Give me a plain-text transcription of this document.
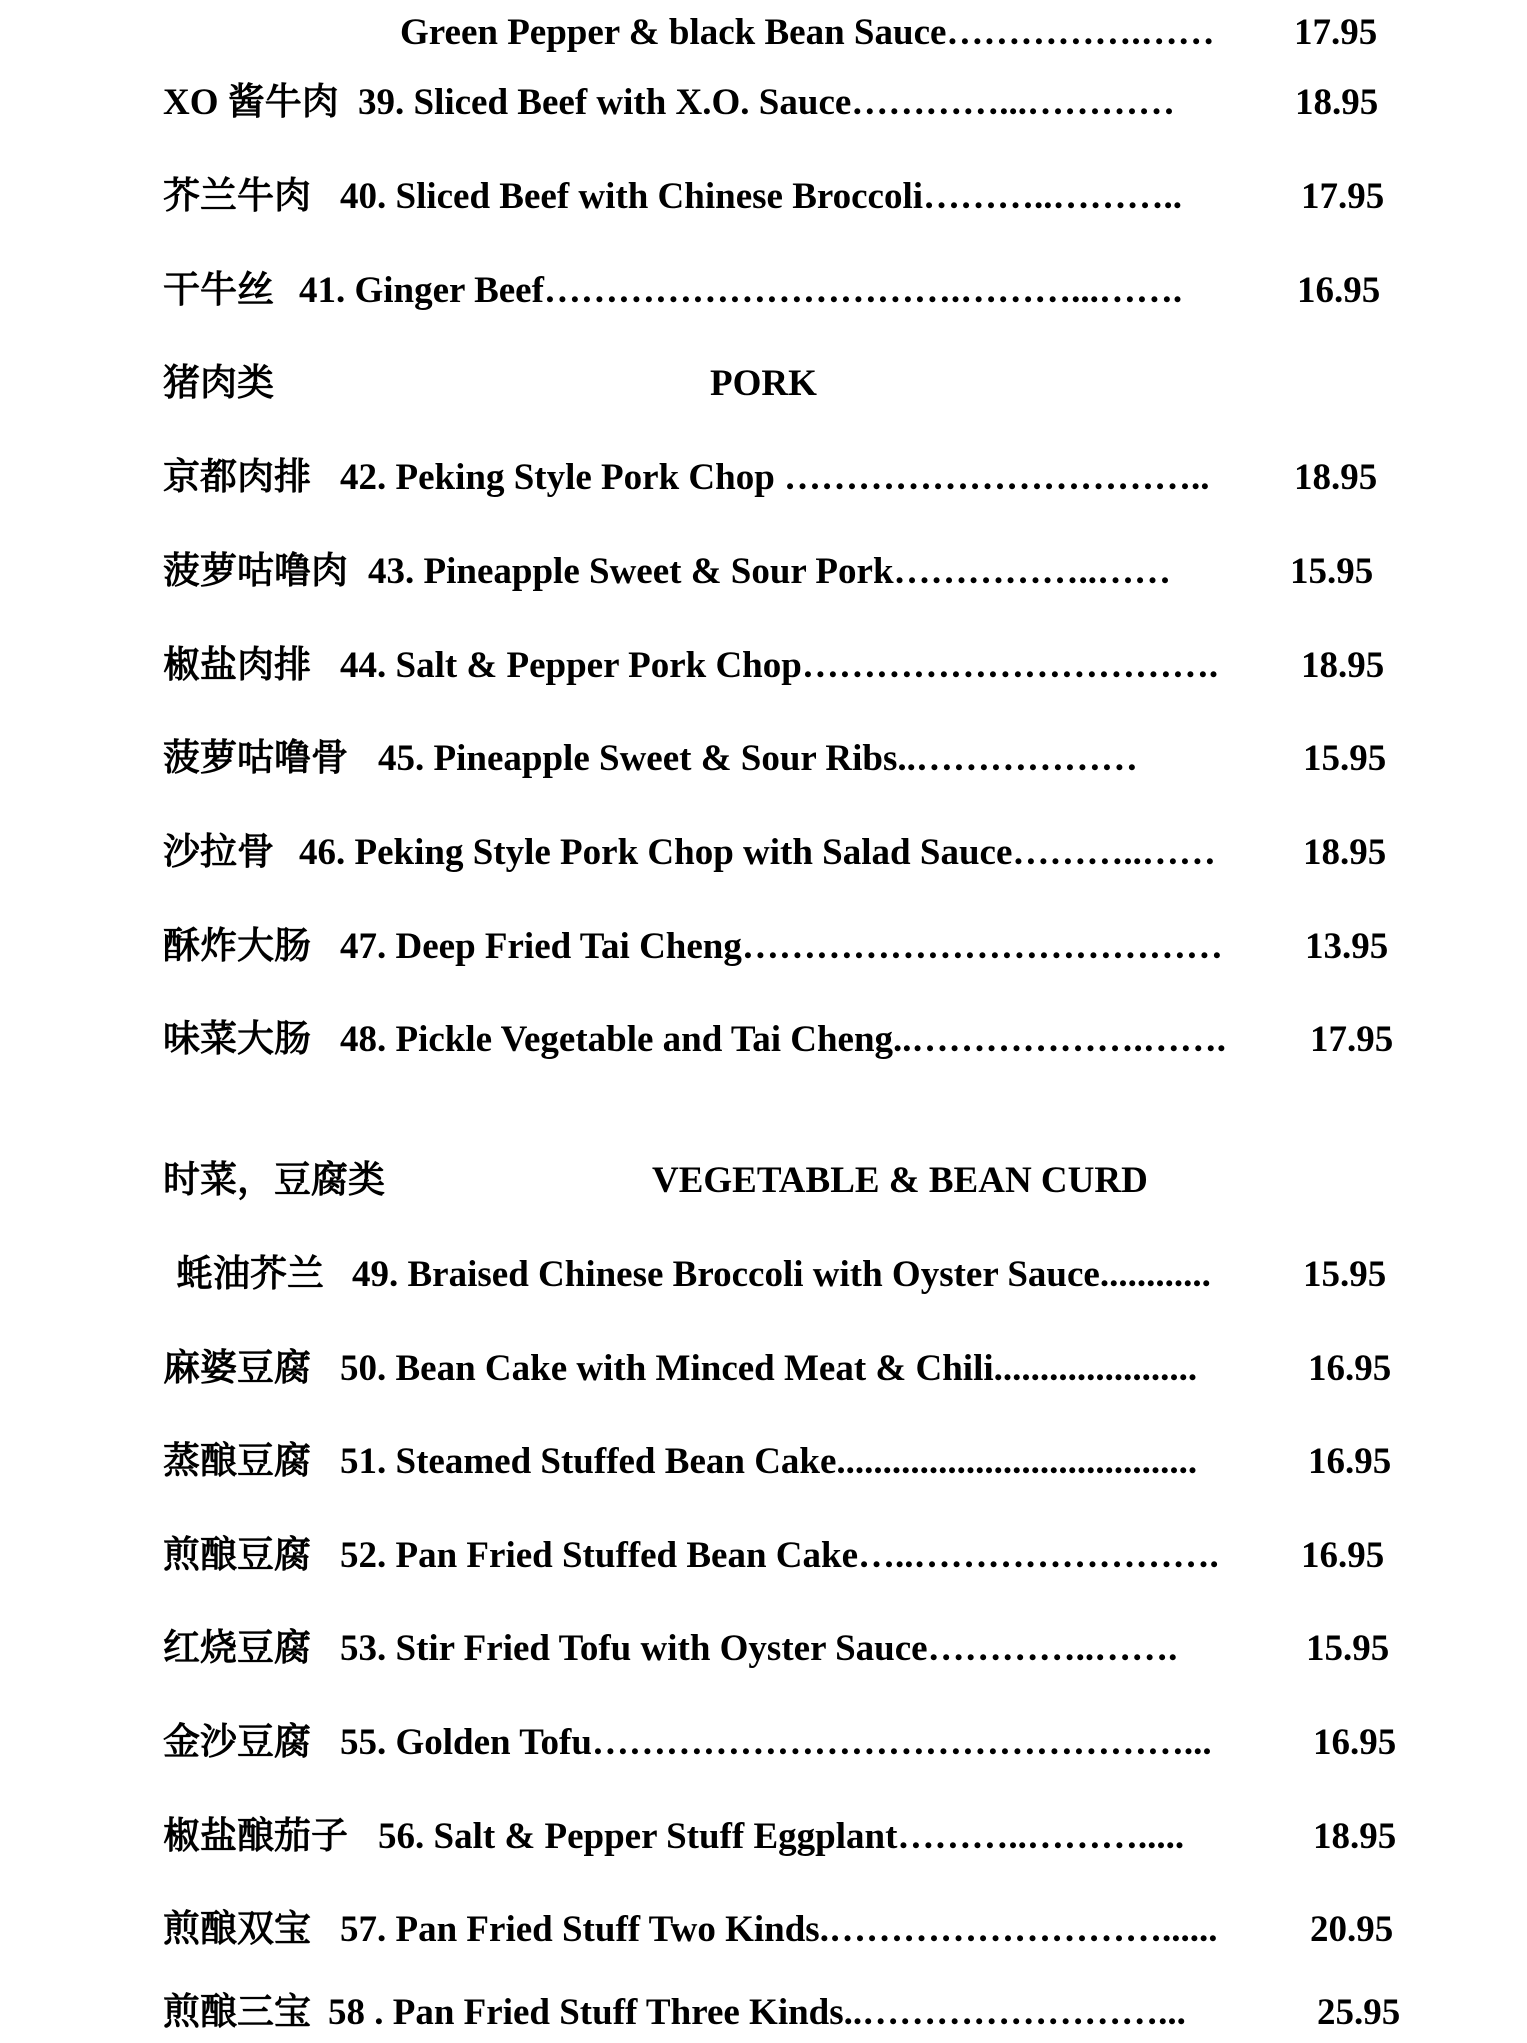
Green Pepper & black Bean Sauce…………….…… 17.95
XO 酱牛肉 39. Sliced Beef with X.O. Sauce…………...…………	18.95
芥兰牛肉 40. Sliced Beef with Chinese Broccoli………..………..	17.95
干牛丝 41. Ginger Beef…………………………….………...…….	16.95
猪肉类	PORK
京都肉排 42. Peking Style Pork Chop …………………………….. 18.95
菠萝咕噜肉 43. Pineapple Sweet & Sour Pork……………..……	15.95
椒盐肉排 44. Salt & Pepper Pork Chop……………………………. 18.95
菠萝咕噜骨 45. Pineapple Sweet & Sour Ribs..………………	15.95
沙拉骨 46. Peking Style Pork Chop with Salad Sauce………..…… 18.95
酥炸大肠 47. Deep Fried Tai Cheng………………………………… 13.95
味菜大肠 48. Pickle Vegetable and Tai Cheng..……………….……. 17.95
时菜，豆腐类	VEGETABLE & BEAN CURD
蚝油芥兰 49. Braised Chinese Broccoli with Oyster Sauce............ 15.95
麻婆豆腐 50. Bean Cake with Minced Meat & Chili......................	16.95
蒸酿豆腐 51. Steamed Stuffed Bean Cake.......................................	16.95
煎酿豆腐 52. Pan Fried Stuffed Bean Cake…..……………………. 16.95
红烧豆腐 53. Stir Fried Tofu with Oyster Sauce…………..…….	15.95
金沙豆腐 55. Golden Tofu…………………………………………...	16.95
椒盐酿茄子 56. Salt & Pepper Stuff Eggplant………..……….....	18.95
煎酿双宝 57. Pan Fried Stuff Two Kinds.………………………......	20.95
煎酿三宝 58 . Pan Fried Stuff Three Kinds..……………………...	25.95
